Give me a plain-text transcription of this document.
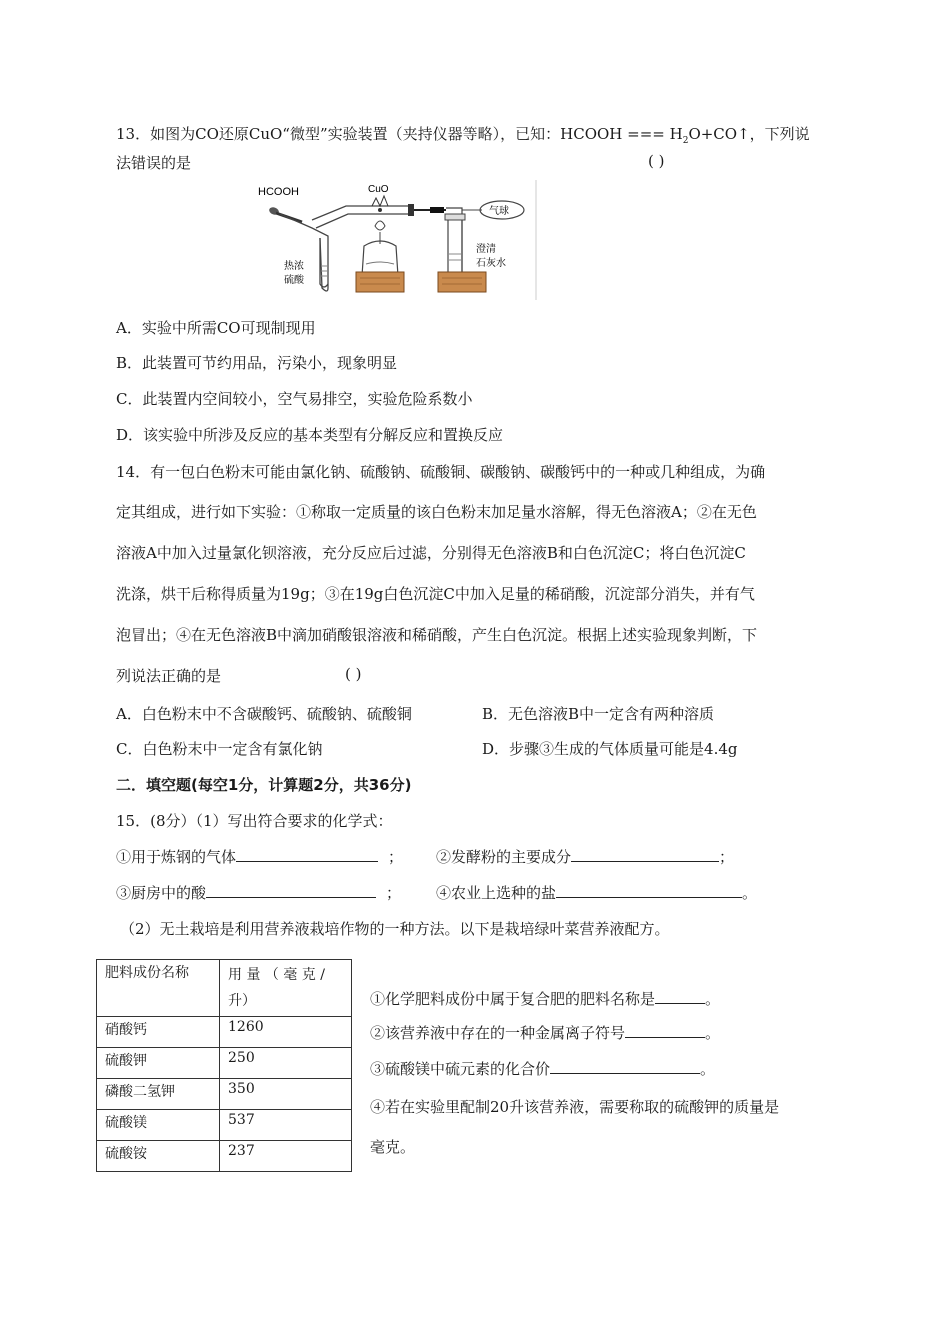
13．如图为CO还原CuO“微型”实验装置（夹持仪器等略），已知：HCOOH === $H_2O+CO↑$，下列说
法错误的是	( )
HCOOH	CuO
热浓
硫酸
澄清
石灰水
气球
A．实验中所需CO可现制现用
B．此装置可节约用品，污染小，现象明显
C．此装置内空间较小，空气易排空，实验危险系数小
D．该实验中所涉及反应的基本类型有分解反应和置换反应
14．有一包白色粉末可能由氯化钠、硫酸钠、硫酸铜、碳酸钠、碳酸钙中的一种或几种组成，为确
定其组成，进行如下实验：①称取一定质量的该白色粉末加足量水溶解，得无色溶液A；②在无色
溶液A中加入过量氯化钡溶液，充分反应后过滤，分别得无色溶液B和白色沉淀C；将白色沉淀C
洗涤，烘干后称得质量为19g；③在19g白色沉淀C中加入足量的稀硝酸，沉淀部分消失，并有气
泡冒出；④在无色溶液B中滴加硝酸银溶液和稀硝酸，产生白色沉淀。根据上述实验现象判断，下
列说法正确的是	( )
A．白色粉末中不含碳酸钙、硫酸钠、硫酸铜	B．无色溶液B中一定含有两种溶质
C．白色粉末中一定含有氯化钠	D．步骤③生成的气体质量可能是4.4g
二．填空题(每空1分，计算题2分，共36分)
15．(8分）（1）写出符合要求的化学式：
①用于炼钢的气体	； ②发酵粉的主要成分	；
③厨房中的酸	； ④农业上选种的盐	。
（2）无土栽培是利用营养液栽培作物的一种方法。以下是栽培绿叶菜营养液配方。
肥料成份名称	用 量 （ 毫 克 / 升）
硝酸钙	1260
硫酸钾	250
磷酸二氢钾	350
硫酸镁	537
硫酸铵	237
①化学肥料成份中属于复合肥的肥料名称是	。
②该营养液中存在的一种金属离子符号	。
③硫酸镁中硫元素的化合价	。
④若在实验里配制20升该营养液，需要称取的硫酸钾的质量是
毫克。
